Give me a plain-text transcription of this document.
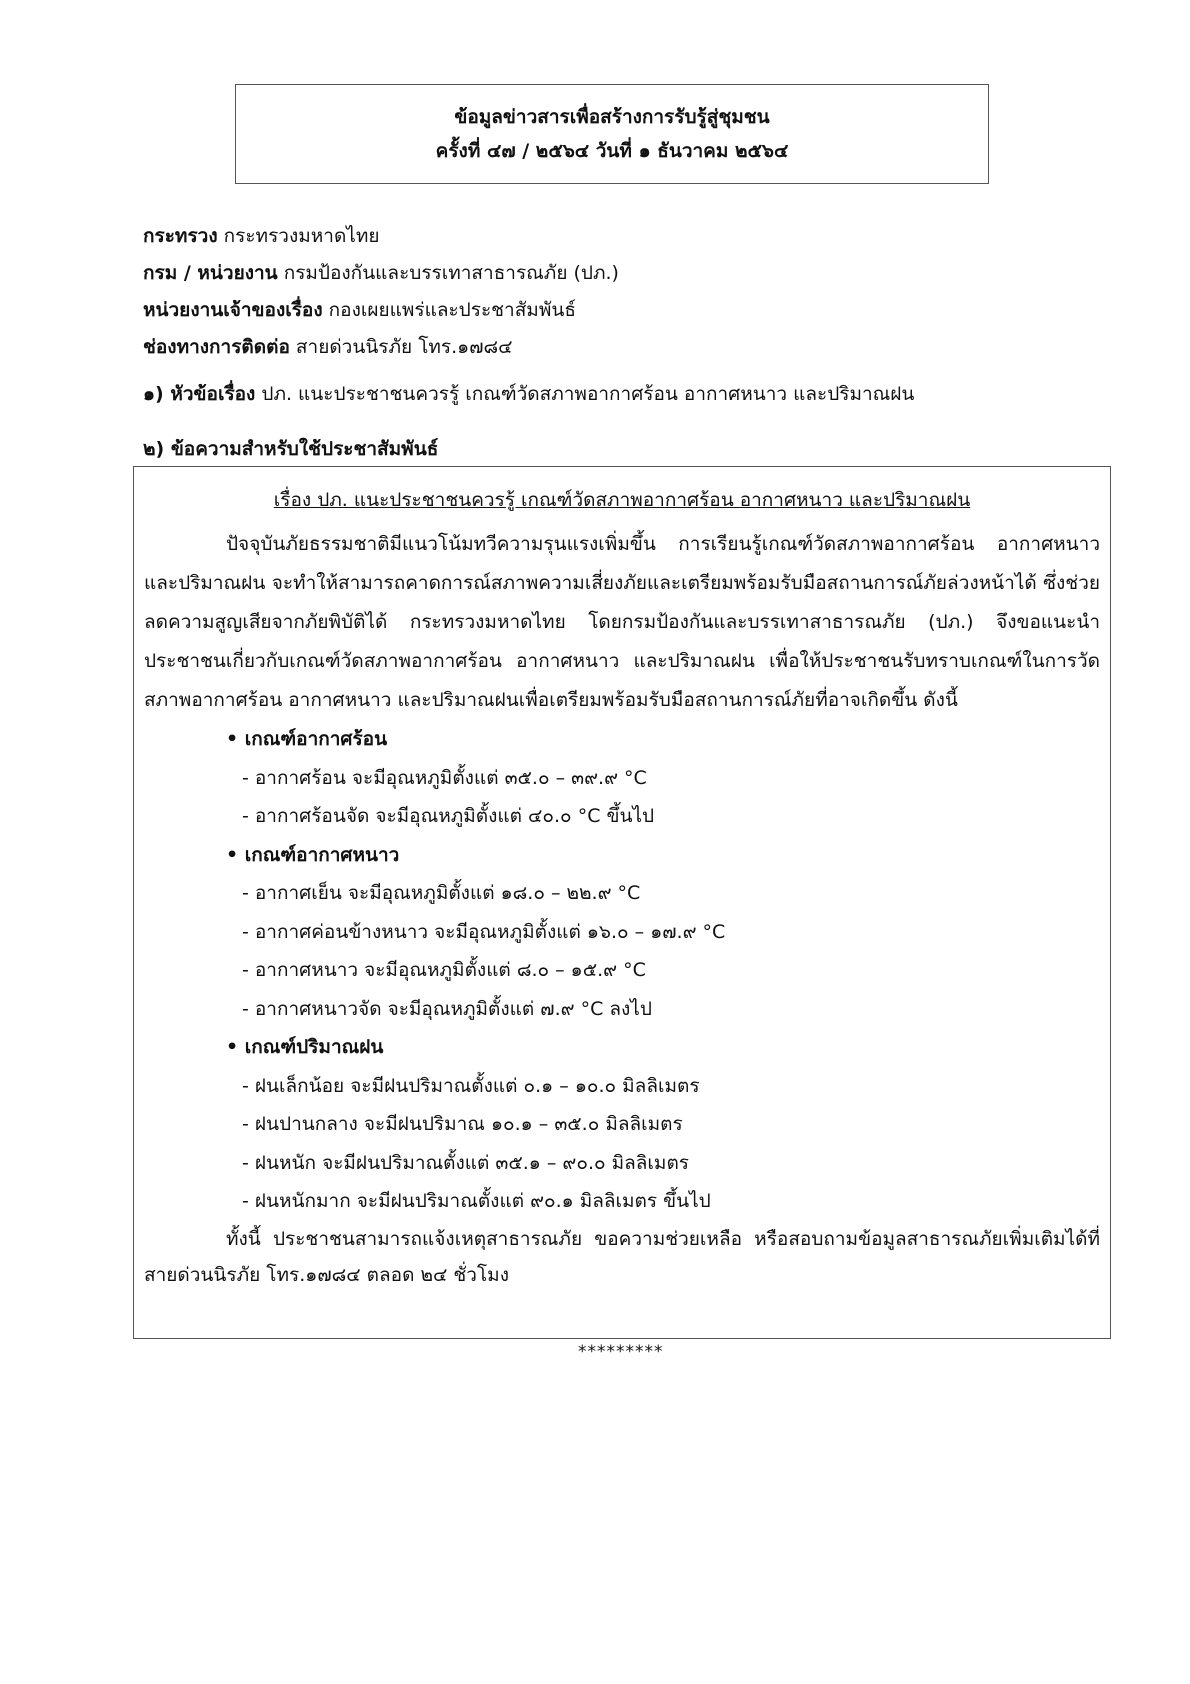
ข้อมูลข่าวสารเพื่อสร้างการรับรู้สู่ชุมชน
ครั้งที่ ๔๗ / ๒๕๖๔ วันที่ ๑ ธันวาคม ๒๕๖๔
กระทรวง กระทรวงมหาดไทย
กรม / หน่วยงาน กรมป้องกันและบรรเทาสาธารณภัย (ปภ.)
หน่วยงานเจ้าของเรื่อง กองเผยแพร่และประชาสัมพันธ์
ช่องทางการติดต่อ สายด่วนนิรภัย โทร.๑๗๘๔
๑) หัวข้อเรื่อง ปภ. แนะประชาชนควรรู้ เกณฑ์วัดสภาพอากาศร้อน อากาศหนาว และปริมาณฝน
๒) ข้อความสำหรับใช้ประชาสัมพันธ์
เรื่อง ปภ. แนะประชาชนควรรู้ เกณฑ์วัดสภาพอากาศร้อน อากาศหนาว และปริมาณฝน
ปัจจุบันภัยธรรมชาติมีแนวโน้มทวีความรุนแรงเพิ่มขึ้น การเรียนรู้เกณฑ์วัดสภาพอากาศร้อน อากาศหนาว และปริมาณฝน จะทำให้สามารถคาดการณ์สภาพความเสี่ยงภัยและเตรียมพร้อมรับมือสถานการณ์ภัยล่วงหน้าได้ ซึ่งช่วยลดความสูญเสียจากภัยพิบัติได้ กระทรวงมหาดไทย โดยกรมป้องกันและบรรเทาสาธารณภัย (ปภ.) จึงขอแนะนำประชาชนเกี่ยวกับเกณฑ์วัดสภาพอากาศร้อน อากาศหนาว และปริมาณฝน เพื่อให้ประชาชนรับทราบเกณฑ์ในการวัดสภาพอากาศร้อน อากาศหนาว และปริมาณฝนเพื่อเตรียมพร้อมรับมือสถานการณ์ภัยที่อาจเกิดขึ้น ดังนี้
• เกณฑ์อากาศร้อน
- อากาศร้อน จะมีอุณหภูมิตั้งแต่ ๓๕.๐ – ๓๙.๙ °C
- อากาศร้อนจัด จะมีอุณหภูมิตั้งแต่ ๔๐.๐ °C ขึ้นไป
• เกณฑ์อากาศหนาว
- อากาศเย็น จะมีอุณหภูมิตั้งแต่ ๑๘.๐ – ๒๒.๙ °C
- อากาศค่อนข้างหนาว จะมีอุณหภูมิตั้งแต่ ๑๖.๐ – ๑๗.๙ °C
- อากาศหนาว จะมีอุณหภูมิตั้งแต่ ๘.๐ – ๑๕.๙ °C
- อากาศหนาวจัด จะมีอุณหภูมิตั้งแต่ ๗.๙ °C ลงไป
• เกณฑ์ปริมาณฝน
- ฝนเล็กน้อย จะมีฝนปริมาณตั้งแต่ ๐.๑ – ๑๐.๐ มิลลิเมตร
- ฝนปานกลาง จะมีฝนปริมาณ ๑๐.๑ – ๓๕.๐ มิลลิเมตร
- ฝนหนัก จะมีฝนปริมาณตั้งแต่ ๓๕.๑ – ๙๐.๐ มิลลิเมตร
- ฝนหนักมาก จะมีฝนปริมาณตั้งแต่ ๙๐.๑ มิลลิเมตร ขึ้นไป
ทั้งนี้ ประชาชนสามารถแจ้งเหตุสาธารณภัย ขอความช่วยเหลือ หรือสอบถามข้อมูลสาธารณภัยเพิ่มเติมได้ที่ สายด่วนนิรภัย โทร.๑๗๘๔ ตลอด ๒๔ ชั่วโมง
*********
